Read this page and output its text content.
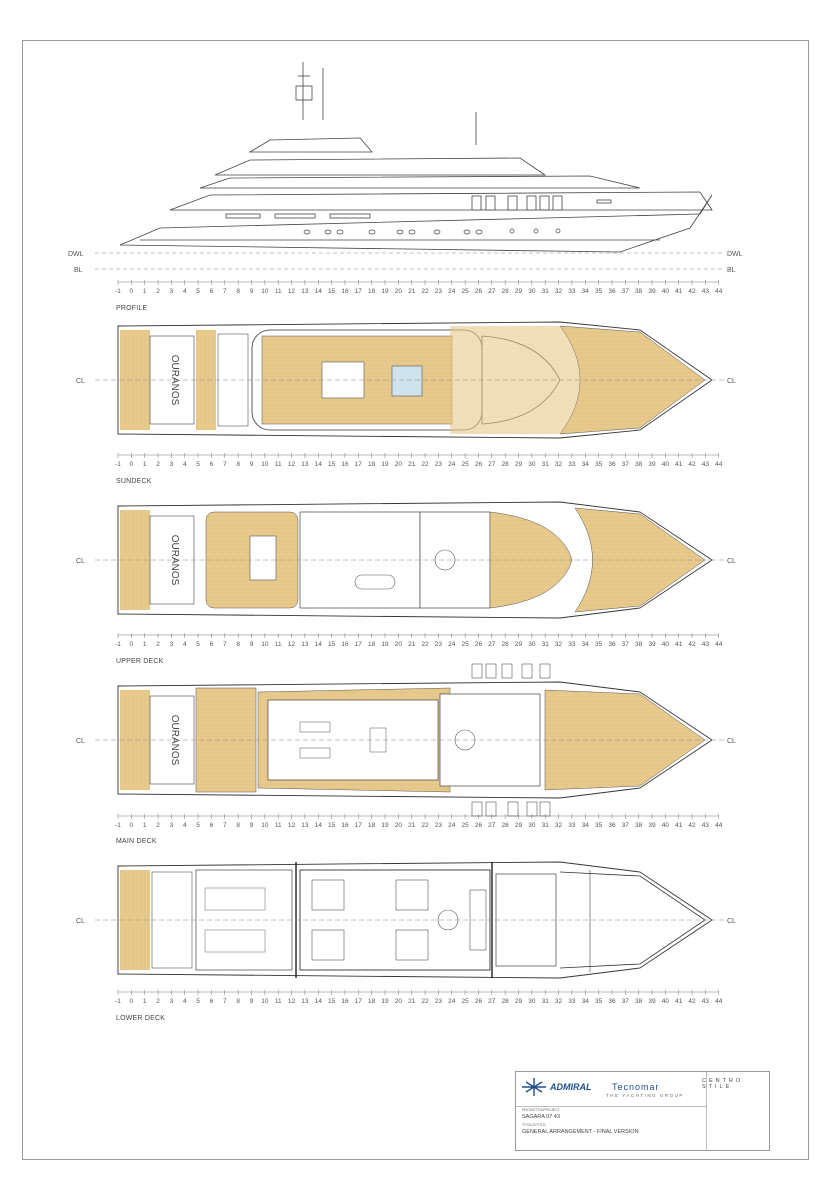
DWL	DWL
BL	BL
-1 0 1 2 3 4 5 6 7 8 9 10 11 12 13 14 15 16 17 18 19 20 21 22 23 24 25 26 27 28 29 30 31 32 33 34 35 36 37 38 39 40 41 42 43 44
-1 0 1 2 3 4 5 6 7 8 9 10 11 12 13 14 15 16 17 18 19 20 21 22 23 24 25 26 27 28 29 30 31 32 33 34 35 36 37 38 39 40 41 42 43 44
-1 0 1 2 3 4 5 6 7 8 9 10 11 12 13 14 15 16 17 18 19 20 21 22 23 24 25 26 27 28 29 30 31 32 33 34 35 36 37 38 39 40 41 42 43 44
-1 0 1 2 3 4 5 6 7 8 9 10 11 12 13 14 15 16 17 18 19 20 21 22 23 24 25 26 27 28 29 30 31 32 33 34 35 36 37 38 39 40 41 42 43 44
-1 0 1 2 3 4 5 6 7 8 9 10 11 12 13 14 15 16 17 18 19 20 21 22 23 24 25 26 27 28 29 30 31 32 33 34 35 36 37 38 39 40 41 42 43 44
PROFILE
SUNDECK
UPPER DECK
MAIN DECK
LOWER DECK
OURANOS
OURANOS
OURANOS
CL	CL
CL	CL
CL	CL
CL	CL
ADMIRAL Tecnomar
THE YACHTING GROUP
CENTRO STILE
PROGETTO/PROJECT
SAGARA 07 43
TITOLO/TITLE
GENERAL ARRANGEMENT - FINAL VERSION
